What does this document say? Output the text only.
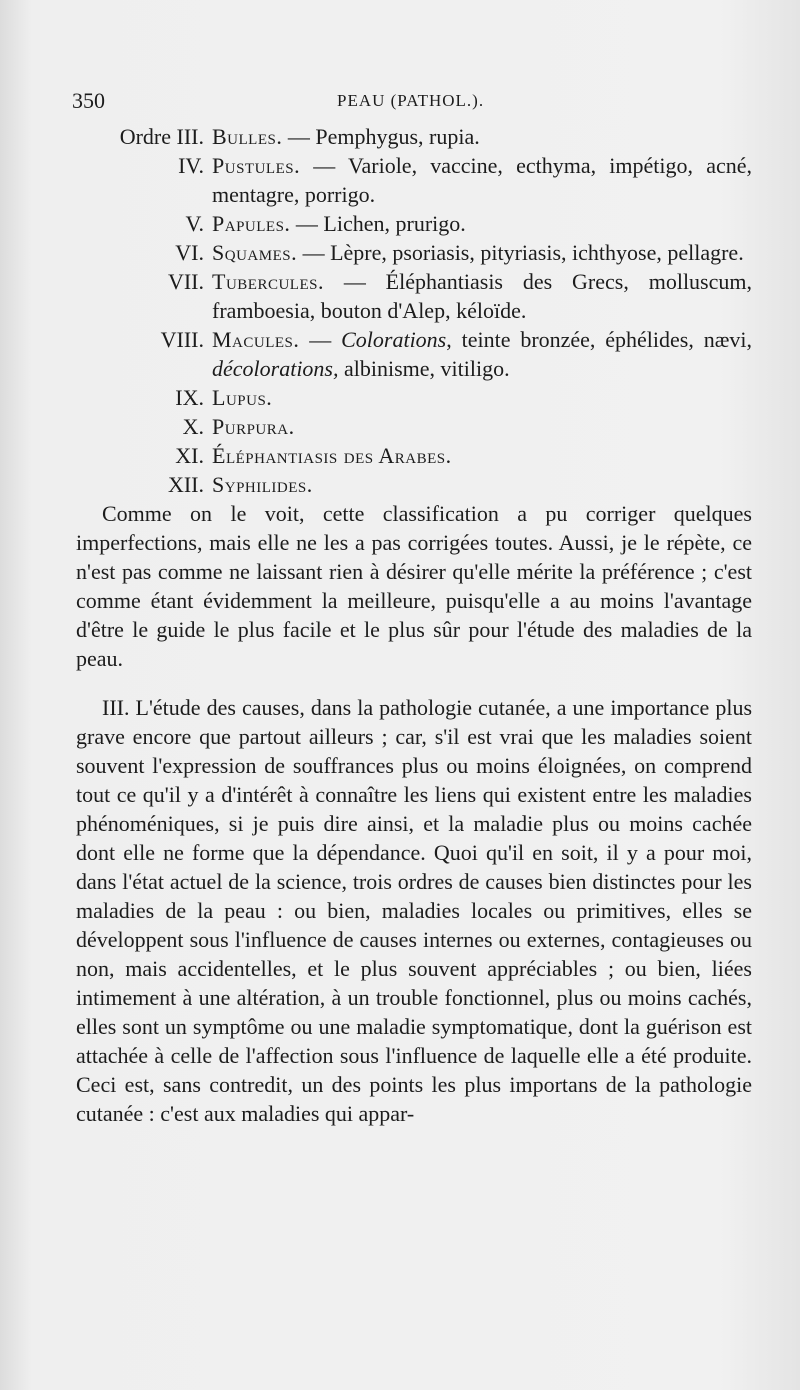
350	PEAU (PATHOL.).
Ordre III. Bulles. — Pemphygus, rupia.
IV. Pustules. — Variole, vaccine, ecthyma, impétigo, acné, mentagre, porrigo.
V. Papules. — Lichen, prurigo.
VI. Squames. — Lèpre, psoriasis, pityriasis, ichthyose, pellagre.
VII. Tubercules. — Éléphantiasis des Grecs, molluscum, framboesia, bouton d'Alep, kéloïde.
VIII. Macules. — Colorations, teinte bronzée, éphélides, nævi, décolorations, albinisme, vitiligo.
IX. Lupus.
X. Purpura.
XI. Éléphantiasis des Arabes.
XII. Syphilides.

Comme on le voit, cette classification a pu corriger quelques imperfections, mais elle ne les a pas corrigées toutes. Aussi, je le répète, ce n'est pas comme ne laissant rien à désirer qu'elle mérite la préférence ; c'est comme étant évidemment la meilleure, puisqu'elle a au moins l'avantage d'être le guide le plus facile et le plus sûr pour l'étude des maladies de la peau.

III. L'étude des causes, dans la pathologie cutanée, a une importance plus grave encore que partout ailleurs ; car, s'il est vrai que les maladies soient souvent l'expression de souffrances plus ou moins éloignées, on comprend tout ce qu'il y a d'intérêt à connaître les liens qui existent entre les maladies phénoméniques, si je puis dire ainsi, et la maladie plus ou moins cachée dont elle ne forme que la dépendance. Quoi qu'il en soit, il y a pour moi, dans l'état actuel de la science, trois ordres de causes bien distinctes pour les maladies de la peau : ou bien, maladies locales ou primitives, elles se développent sous l'influence de causes internes ou externes, contagieuses ou non, mais accidentelles, et le plus souvent appréciables ; ou bien, liées intimement à une altération, à un trouble fonctionnel, plus ou moins cachés, elles sont un symptôme ou une maladie symptomatique, dont la guérison est attachée à celle de l'affection sous l'influence de laquelle elle a été produite. Ceci est, sans contredit, un des points les plus importans de la pathologie cutanée : c'est aux maladies qui appar-
